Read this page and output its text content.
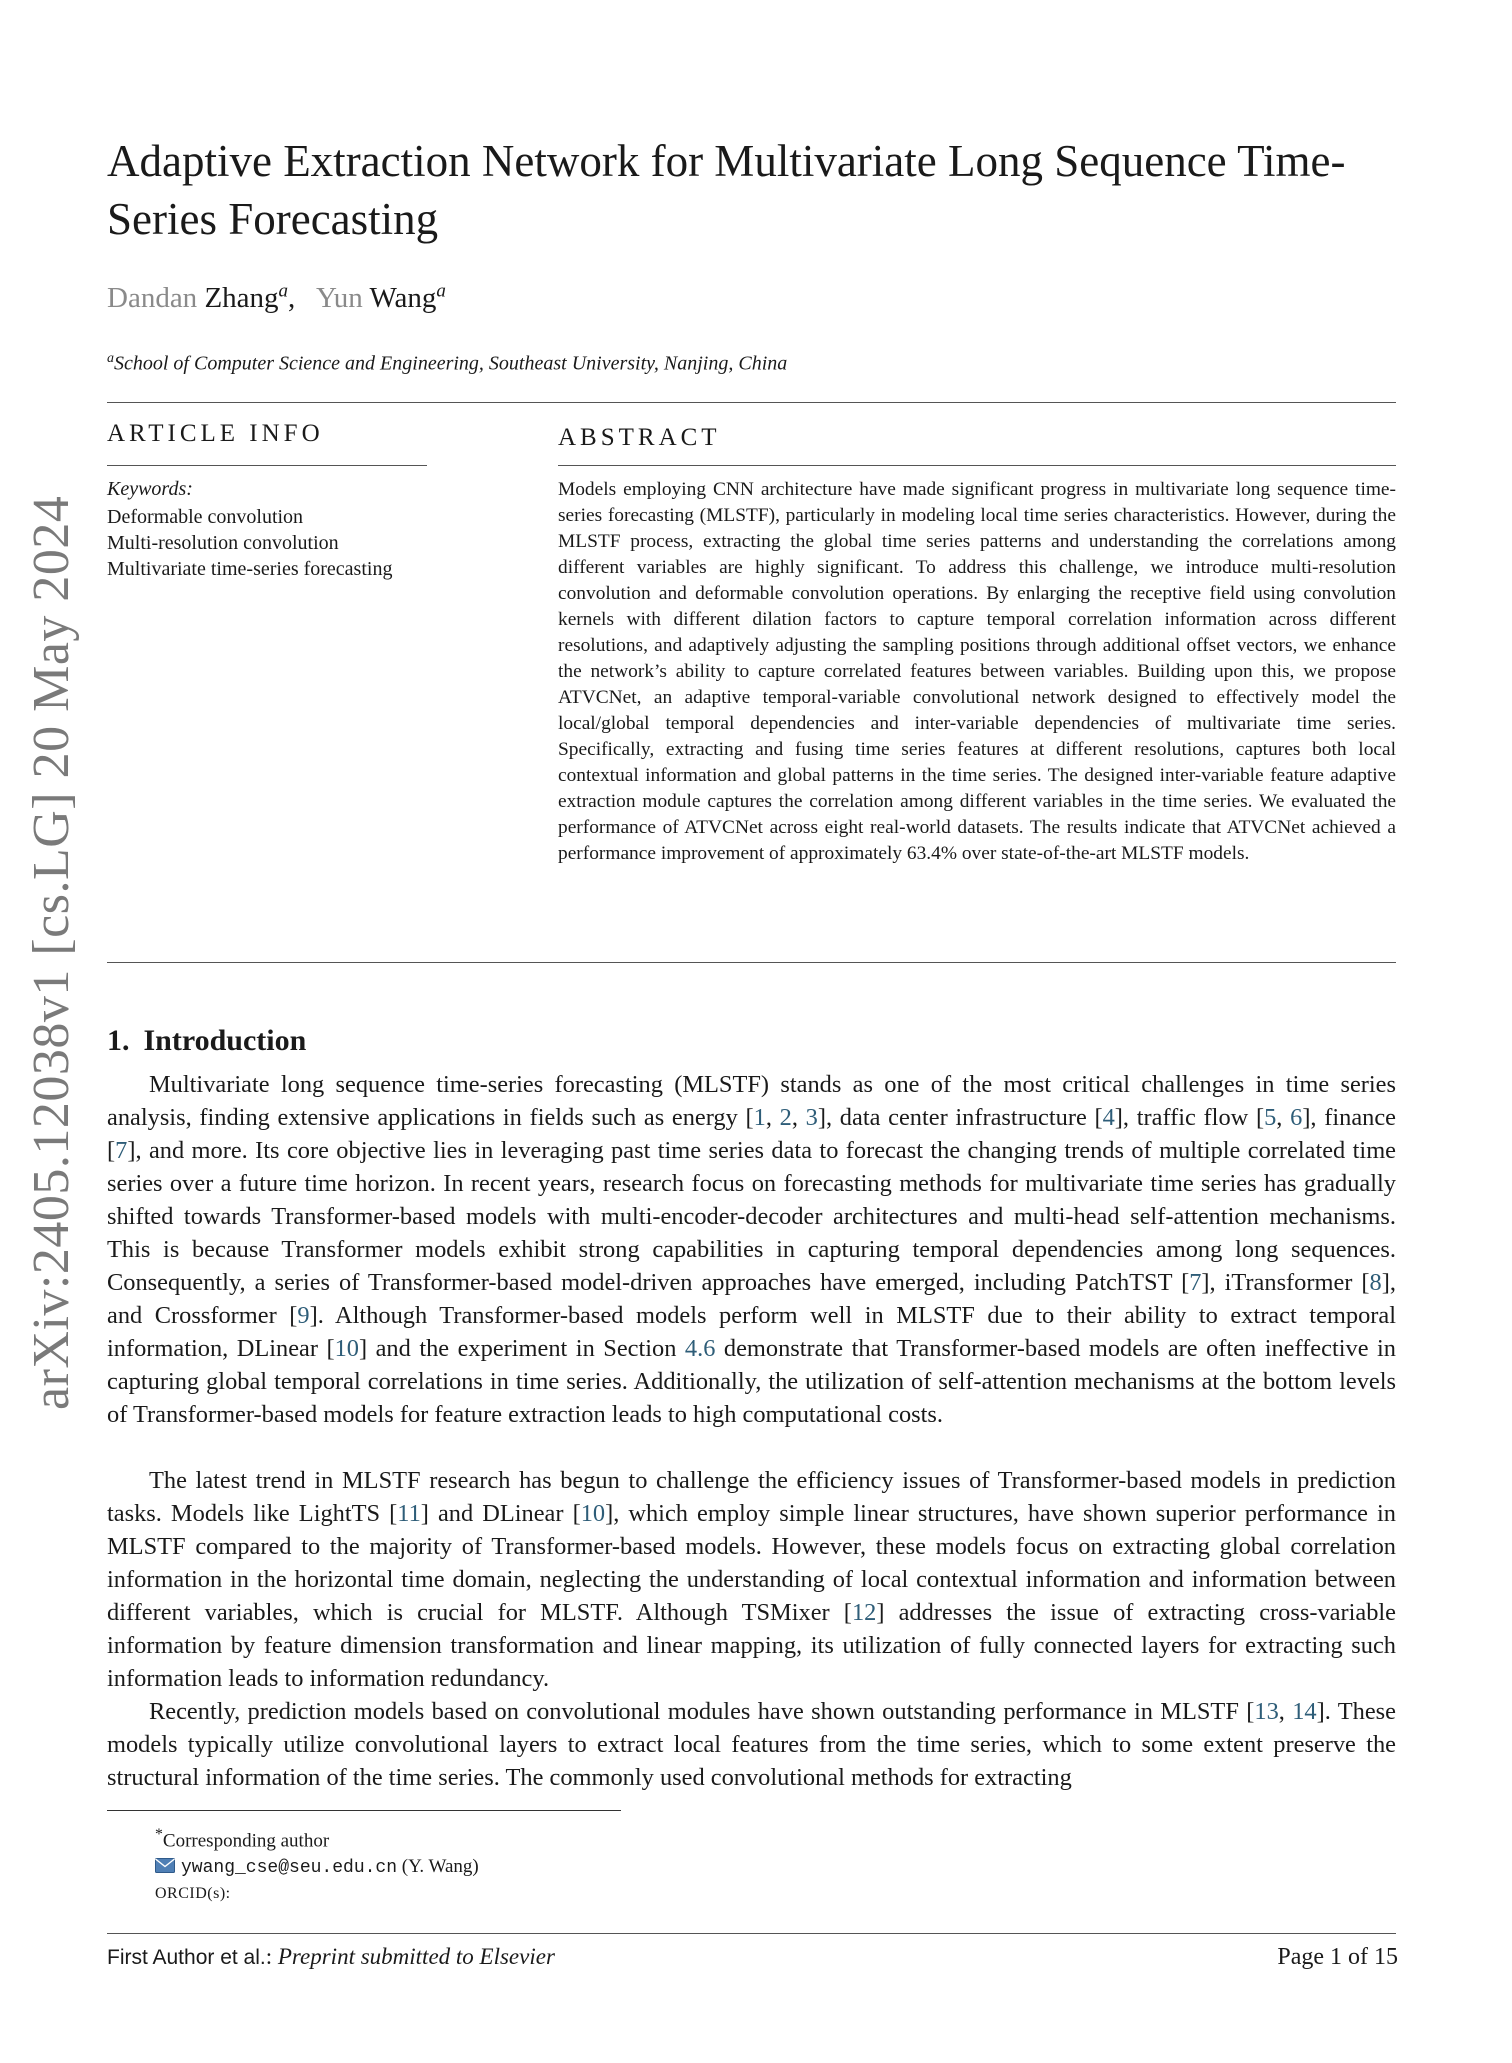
arXiv:2405.12038v1 [cs.LG] 20 May 2024
Adaptive Extraction Network for Multivariate Long Sequence Time-Series Forecasting
Dandan Zhang$^a$,   Yun Wang$^a$
$^a$School of Computer Science and Engineering, Southeast University, Nanjing, China
ARTICLE INFO
Keywords:
Deformable convolution
Multi-resolution convolution
Multivariate time-series forecasting
ABSTRACT

Models employing CNN architecture have made significant progress in multivariate long sequence time-series forecasting (MLSTF), particularly in modeling local time series characteristics. However, during the MLSTF process, extracting the global time series patterns and understanding the correlations among different variables are highly significant. To address this challenge, we introduce multi-resolution convolution and deformable convolution operations. By enlarging the receptive field using convolution kernels with different dilation factors to capture temporal correlation information across different resolutions, and adaptively adjusting the sampling positions through additional offset vectors, we enhance the network’s ability to capture correlated features between variables. Building upon this, we propose ATVCNet, an adaptive temporal-variable convolutional network designed to effectively model the local/global temporal dependencies and inter-variable dependencies of multivariate time series. Specifically, extracting and fusing time series features at different resolutions, captures both local contextual information and global patterns in the time series. The designed inter-variable feature adaptive extraction module captures the correlation among different variables in the time series. We evaluated the performance of ATVCNet across eight real-world datasets. The results indicate that ATVCNet achieved a performance improvement of approximately 63.4% over state-of-the-art MLSTF models.

1. Introduction

Multivariate long sequence time-series forecasting (MLSTF) stands as one of the most critical challenges in time series analysis, finding extensive applications in fields such as energy [1, 2, 3], data center infrastructure [4], traffic flow [5, 6], finance [7], and more. Its core objective lies in leveraging past time series data to forecast the changing trends of multiple correlated time series over a future time horizon. In recent years, research focus on forecasting methods for multivariate time series has gradually shifted towards Transformer-based models with multi-encoder-decoder architectures and multi-head self-attention mechanisms. This is because Transformer models exhibit strong capabilities in capturing temporal dependencies among long sequences. Consequently, a series of Transformer-based model-driven approaches have emerged, including PatchTST [7], iTransformer [8], and Crossformer [9]. Although Transformer-based models perform well in MLSTF due to their ability to extract temporal information, DLinear [10] and the experiment in Section 4.6 demonstrate that Transformer-based models are often ineffective in capturing global temporal correlations in time series. Additionally, the utilization of self-attention mechanisms at the bottom levels of Transformer-based models for feature extraction leads to high computational costs.

The latest trend in MLSTF research has begun to challenge the efficiency issues of Transformer-based models in prediction tasks. Models like LightTS [11] and DLinear [10], which employ simple linear structures, have shown superior performance in MLSTF compared to the majority of Transformer-based models. However, these models focus on extracting global correlation information in the horizontal time domain, neglecting the understanding of local contextual information and information between different variables, which is crucial for MLSTF. Although TSMixer [12] addresses the issue of extracting cross-variable information by feature dimension transformation and linear mapping, its utilization of fully connected layers for extracting such information leads to information redundancy.

Recently, prediction models based on convolutional modules have shown outstanding performance in MLSTF [13, 14]. These models typically utilize convolutional layers to extract local features from the time series, which to some extent preserve the structural information of the time series. The commonly used convolutional methods for extracting

*Corresponding author
ywang_cse@seu.edu.cn (Y. Wang)
ORCID(s):
First Author et al.: Preprint submitted to Elsevier	Page 1 of 15
